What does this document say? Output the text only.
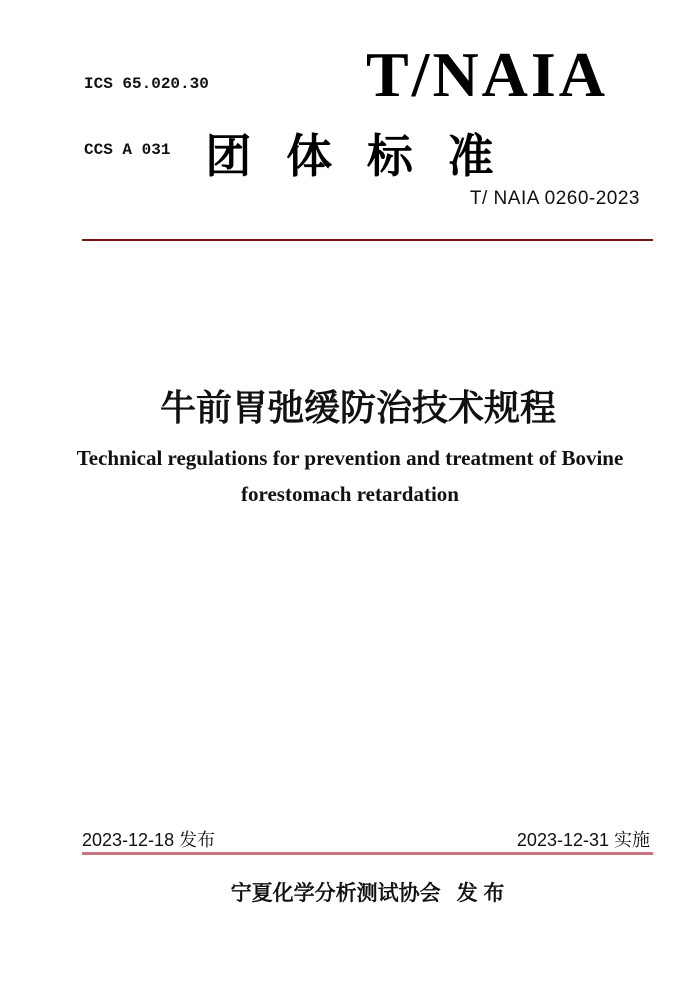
ICS 65.020.30

CCS A 031

T/NAIA
团 体 标 准
T/ NAIA 0260-2023
牛前胃弛缓防治技术规程
Technical regulations for prevention and treatment of Bovine
forestomach retardation
2023-12-18 发布	2023-12-31 实施
宁夏化学分析测试协会 发 布
